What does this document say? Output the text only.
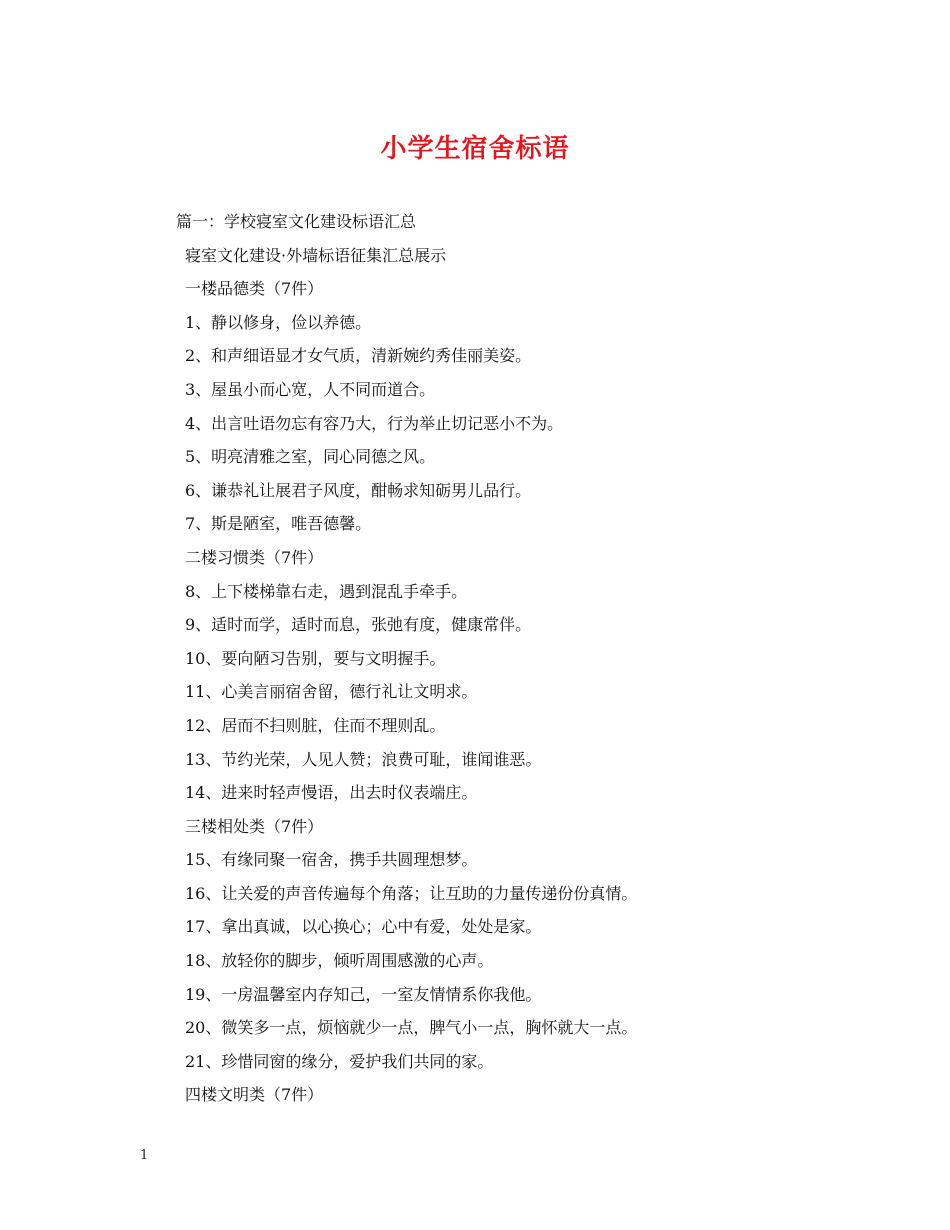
小学生宿舍标语
篇一：学校寝室文化建设标语汇总
寝室文化建设·外墙标语征集汇总展示
一楼品德类（7件）
1、静以修身，俭以养德。
2、和声细语显才女气质，清新婉约秀佳丽美姿。
3、屋虽小而心宽，人不同而道合。
4、出言吐语勿忘有容乃大，行为举止切记恶小不为。
5、明亮清雅之室，同心同德之风。
6、谦恭礼让展君子风度，酣畅求知砺男儿品行。
7、斯是陋室，唯吾德馨。
二楼习惯类（7件）
8、上下楼梯靠右走，遇到混乱手牵手。
9、适时而学，适时而息，张弛有度，健康常伴。
10、要向陋习告别，要与文明握手。
11、心美言丽宿舍留，德行礼让文明求。
12、居而不扫则脏，住而不理则乱。
13、节约光荣，人见人赞；浪费可耻，谁闻谁恶。
14、进来时轻声慢语，出去时仪表端庄。
三楼相处类（7件）
15、有缘同聚一宿舍，携手共圆理想梦。
16、让关爱的声音传遍每个角落；让互助的力量传递份份真情。
17、拿出真诚，以心换心；心中有爱，处处是家。
18、放轻你的脚步，倾听周围感激的心声。
19、一房温馨室内存知己，一室友情情系你我他。
20、微笑多一点，烦恼就少一点，脾气小一点，胸怀就大一点。
21、珍惜同窗的缘分，爱护我们共同的家。
四楼文明类（7件）
1
